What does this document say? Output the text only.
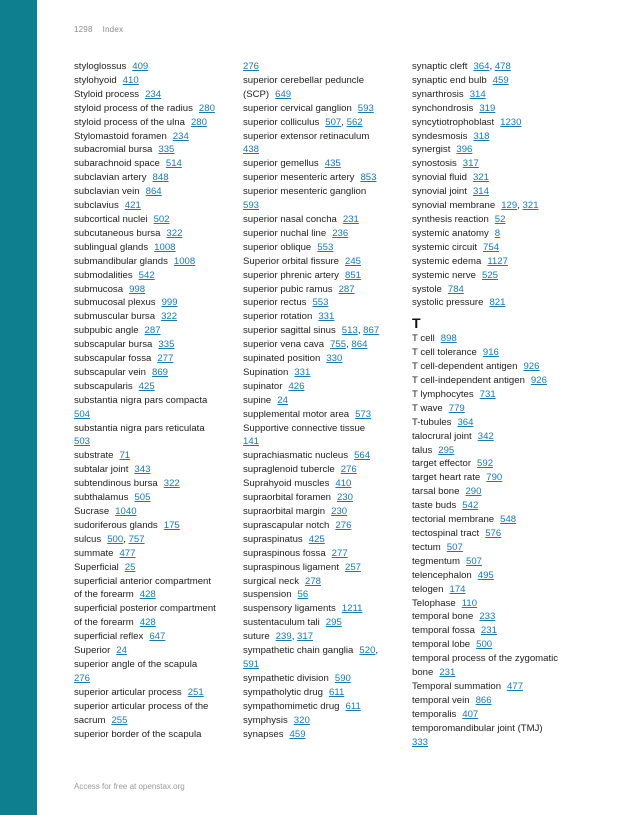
1298 Index
styloglossus 409
stylohyoid 410
Styloid process 234
styloid process of the radius 280
styloid process of the ulna 280
Stylomastoid foramen 234
subacromial bursa 335
subarachnoid space 514
subclavian artery 848
subclavian vein 864
subclavius 421
subcortical nuclei 502
subcutaneous bursa 322
sublingual glands 1008
submandibular glands 1008
submodalities 542
submucosa 998
submucosal plexus 999
submuscular bursa 322
subpubic angle 287
subscapular bursa 335
subscapular fossa 277
subscapular vein 869
subscapularis 425
substantia nigra pars compacta
504
substantia nigra pars reticulata
503
substrate 71
subtalar joint 343
subtendinous bursa 322
subthalamus 505
Sucrase 1040
sudoriferous glands 175
sulcus 500, 757
summate 477
Superficial 25
superficial anterior compartment
of the forearm 428
superficial posterior compartment
of the forearm 428
superficial reflex 647
Superior 24
superior angle of the scapula
276
superior articular process 251
superior articular process of the
sacrum 255
superior border of the scapula
276
superior cerebellar peduncle
(SCP) 649
superior cervical ganglion 593
superior colliculus 507, 562
superior extensor retinaculum
438
superior gemellus 435
superior mesenteric artery 853
superior mesenteric ganglion
593
superior nasal concha 231
superior nuchal line 236
superior oblique 553
Superior orbital fissure 245
superior phrenic artery 851
superior pubic ramus 287
superior rectus 553
superior rotation 331
superior sagittal sinus 513, 867
superior vena cava 755, 864
supinated position 330
Supination 331
supinator 426
supine 24
supplemental motor area 573
Supportive connective tissue
141
suprachiasmatic nucleus 564
supraglenoid tubercle 276
Suprahyoid muscles 410
supraorbital foramen 230
supraorbital margin 230
suprascapular notch 276
supraspinatus 425
supraspinous fossa 277
supraspinous ligament 257
surgical neck 278
suspension 56
suspensory ligaments 1211
sustentaculum tali 295
suture 239, 317
sympathetic chain ganglia 520,
591
sympathetic division 590
sympatholytic drug 611
sympathomimetic drug 611
symphysis 320
synapses 459
synaptic cleft 364, 478
synaptic end bulb 459
synarthrosis 314
synchondrosis 319
syncytiotrophoblast 1230
syndesmosis 318
synergist 396
synostosis 317
synovial fluid 321
synovial joint 314
synovial membrane 129, 321
synthesis reaction 52
systemic anatomy 8
systemic circuit 754
systemic edema 1127
systemic nerve 525
systole 784
systolic pressure 821
T
T cell 898
T cell tolerance 916
T cell-dependent antigen 926
T cell-independent antigen 926
T lymphocytes 731
T wave 779
T-tubules 364
talocrural joint 342
talus 295
target effector 592
target heart rate 790
tarsal bone 290
taste buds 542
tectorial membrane 548
tectospinal tract 576
tectum 507
tegmentum 507
telencephalon 495
telogen 174
Telophase 110
temporal bone 233
temporal fossa 231
temporal lobe 500
temporal process of the zygomatic
bone 231
Temporal summation 477
temporal vein 866
temporalis 407
temporomandibular joint (TMJ)
333
Access for free at openstax.org
